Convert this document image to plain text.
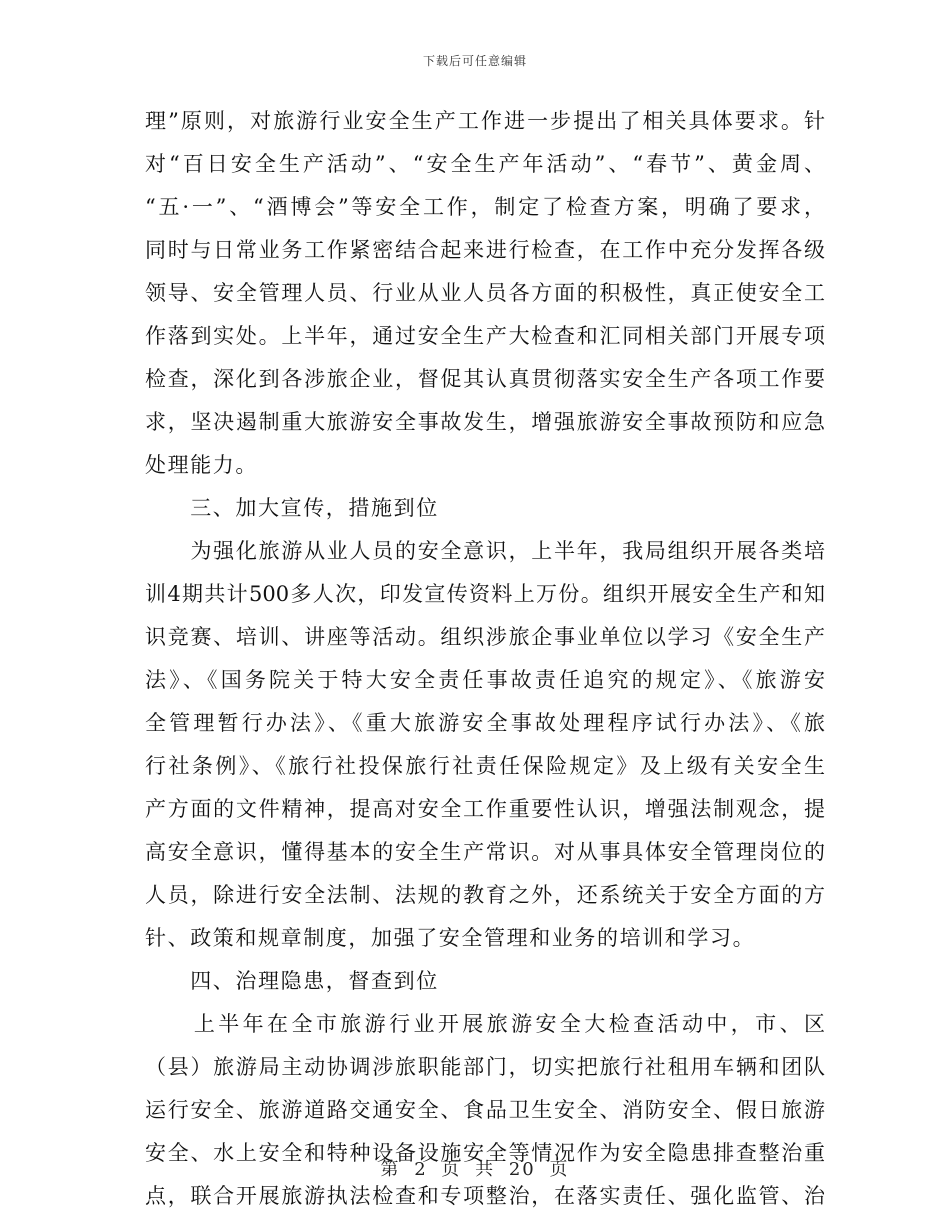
下载后可任意编辑
理”原则，对旅游行业安全生产工作进一步提出了相关具体要求。针
对“百日安全生产活动”、“安全生产年活动”、“春节”、黄金周、
“五·一”、“酒博会”等安全工作，制定了检查方案，明确了要求，
同时与日常业务工作紧密结合起来进行检查，在工作中充分发挥各级
领导、安全管理人员、行业从业人员各方面的积极性，真正使安全工
作落到实处。上半年，通过安全生产大检查和汇同相关部门开展专项
检查，深化到各涉旅企业，督促其认真贯彻落实安全生产各项工作要
求，坚决遏制重大旅游安全事故发生，增强旅游安全事故预防和应急
处理能力。
　　三、加大宣传，措施到位
　　为强化旅游从业人员的安全意识，上半年，我局组织开展各类培
训4期共计500多人次，印发宣传资料上万份。组织开展安全生产和知
识竞赛、培训、讲座等活动。组织涉旅企事业单位以学习《安全生产
法》、《国务院关于特大安全责任事故责任追究的规定》、《旅游安
全管理暂行办法》、《重大旅游安全事故处理程序试行办法》、《旅
行社条例》、《旅行社投保旅行社责任保险规定》及上级有关安全生
产方面的文件精神，提高对安全工作重要性认识，增强法制观念，提
高安全意识，懂得基本的安全生产常识。对从事具体安全管理岗位的
人员，除进行安全法制、法规的教育之外，还系统关于安全方面的方
针、政策和规章制度，加强了安全管理和业务的培训和学习。
　　四、治理隐患，督查到位
　　上半年在全市旅游行业开展旅游安全大检查活动中，市、区
（县）旅游局主动协调涉旅职能部门，切实把旅行社租用车辆和团队
运行安全、旅游道路交通安全、食品卫生安全、消防安全、假日旅游
安全、水上安全和特种设备设施安全等情况作为安全隐患排查整治重
点，联合开展旅游执法检查和专项整治，在落实责任、强化监管、治
第 2 页 共 20 页
